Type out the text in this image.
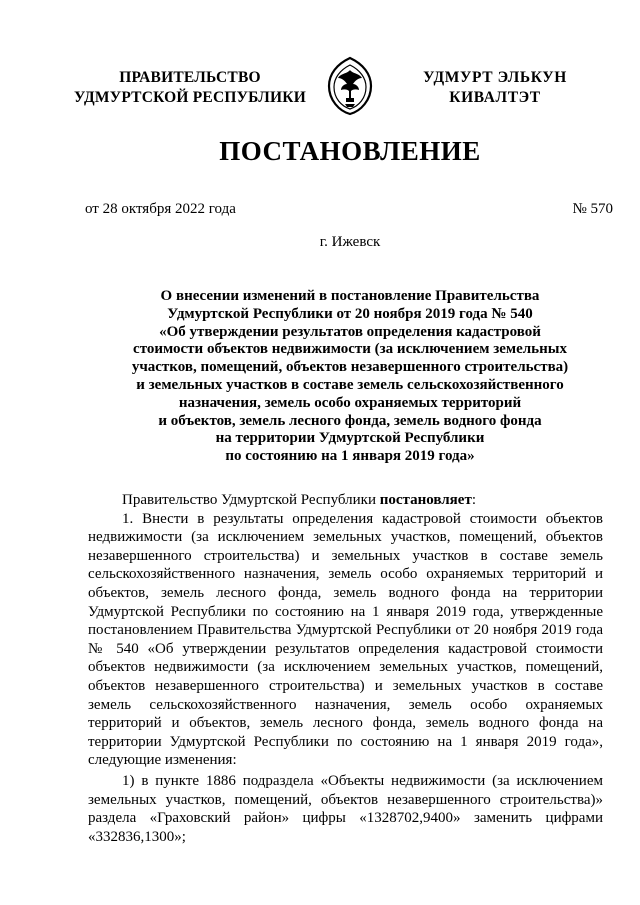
ПРАВИТЕЛЬСТВО
УДМУРТСКОЙ РЕСПУБЛИКИ
УДМУРТ ЭЛЬКУН
КИВАЛТЭТ
ПОСТАНОВЛЕНИЕ
от 28 октября 2022 года	№ 570
г. Ижевск
О внесении изменений в постановление Правительства
Удмуртской Республики от 20 ноября 2019 года № 540
«Об утверждении результатов определения кадастровой
стоимости объектов недвижимости (за исключением земельных
участков, помещений, объектов незавершенного строительства)
и земельных участков в составе земель сельскохозяйственного
назначения, земель особо охраняемых территорий
и объектов, земель лесного фонда, земель водного фонда
на территории Удмуртской Республики
по состоянию на 1 января 2019 года»

Правительство Удмуртской Республики постановляет:

1. Внести в результаты определения кадастровой стоимости объектов недвижимости (за исключением земельных участков, помещений, объектов незавершенного строительства) и земельных участков в составе земель сельскохозяйственного назначения, земель особо охраняемых территорий и объектов, земель лесного фонда, земель водного фонда на территории Удмуртской Республики по состоянию на 1 января 2019 года, утвержденные постановлением Правительства Удмуртской Республики от 20 ноября 2019 года № 540 «Об утверждении результатов определения кадастровой стоимости объектов недвижимости (за исключением земельных участков, помещений, объектов незавершенного строительства) и земельных участков в составе земель сельскохозяйственного назначения, земель особо охраняемых территорий и объектов, земель лесного фонда, земель водного фонда на территории Удмуртской Республики по состоянию на 1 января 2019 года», следующие изменения:

1) в пункте 1886 подраздела «Объекты недвижимости (за исключением земельных участков, помещений, объектов незавершенного строительства)» раздела «Граховский район» цифры «1328702,9400» заменить цифрами «332836,1300»;
